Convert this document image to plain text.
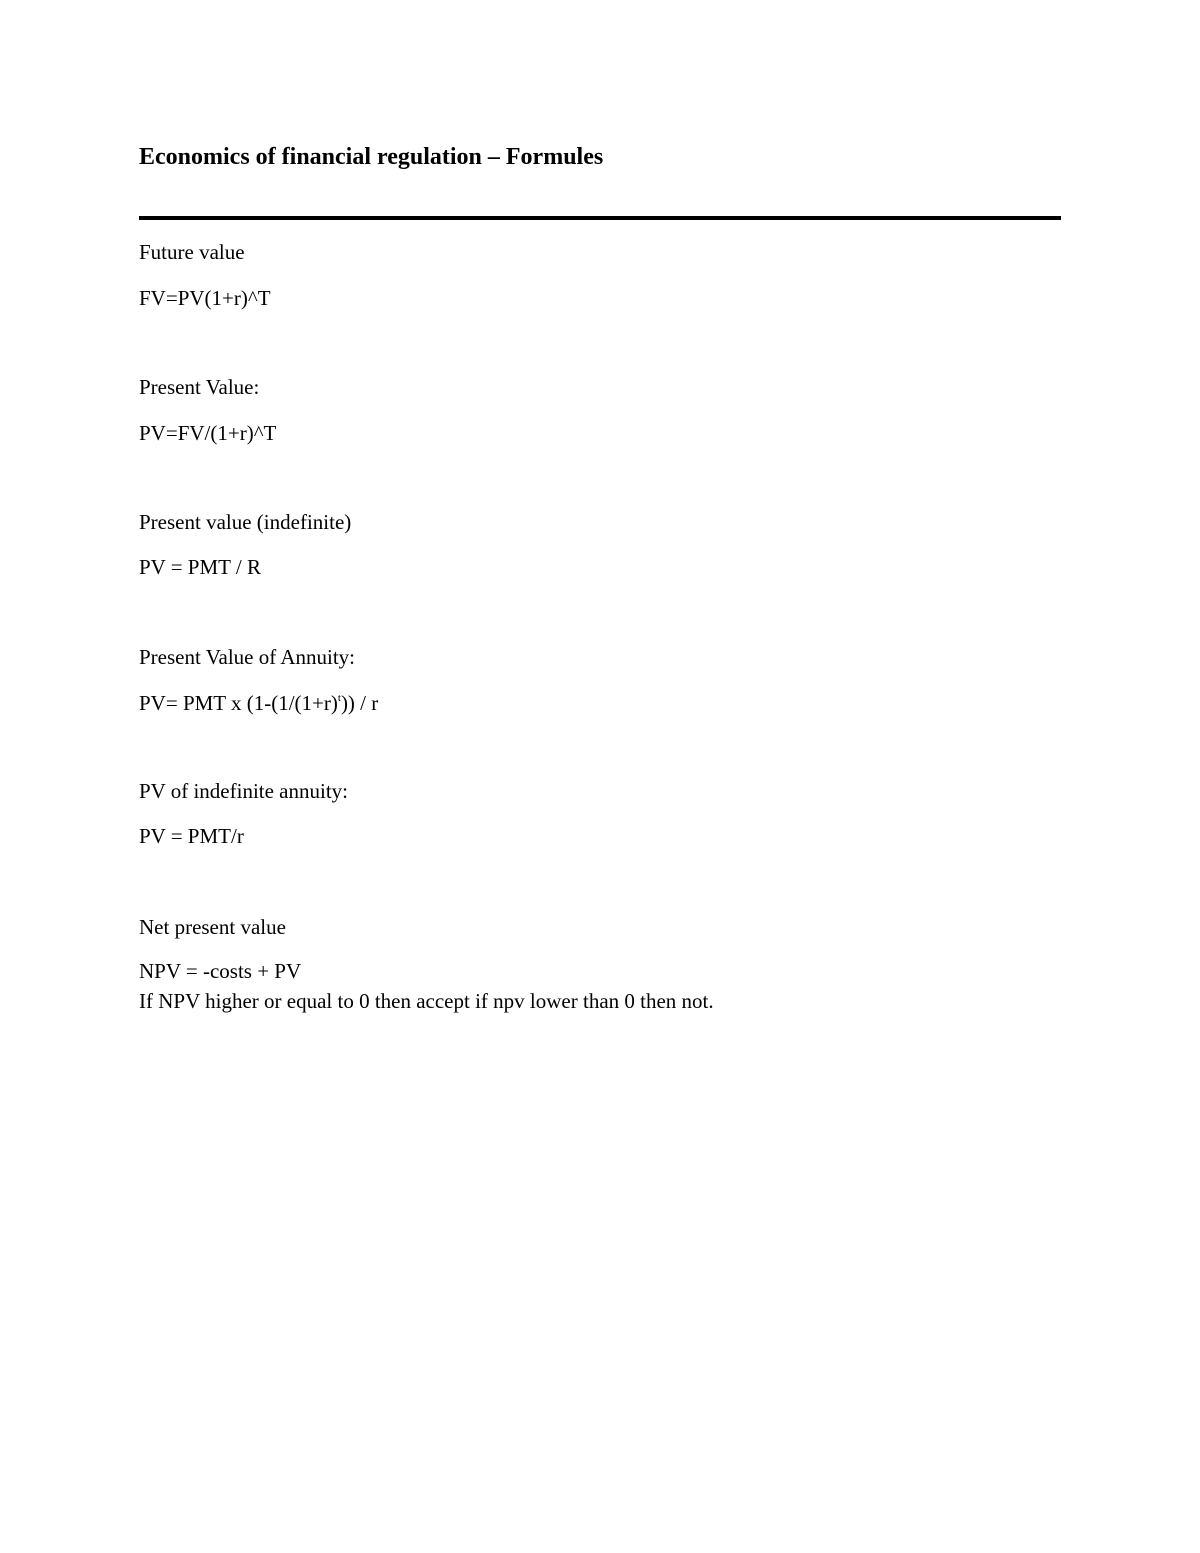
Economics of financial regulation – Formules
Future value
FV=PV(1+r)^T
Present Value:
PV=FV/(1+r)^T
Present value (indefinite)
PV = PMT / R
Present Value of Annuity:
PV= PMT x $(1-(1/(1+r)^t)) / r$
PV of indefinite annuity:
PV = PMT/r
Net present value
NPV = -costs + PV
If NPV higher or equal to 0 then accept if npv lower than 0 then not.
